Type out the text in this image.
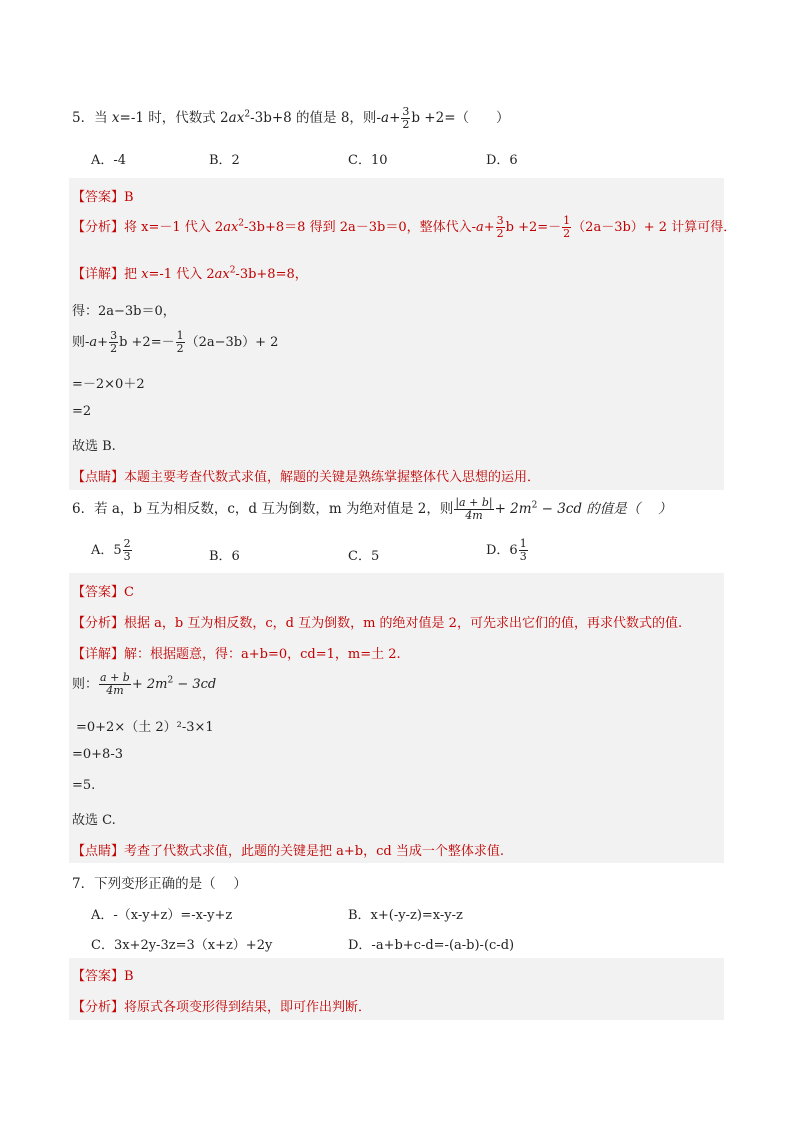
5．当 x=-1 时，代数式 $2ax^2-3b+8$ 的值是 8，则$-a+ \frac{3}{2}$ b +2=（　　）
A．-4	B．2	C．10	D．6
【答案】B
【分析】将 x=－1 代入 $2ax^2-3b+8=8$ 得到 2a－3b＝0，整体代入$-a+ \frac{3}{2}$ $b +2=- \frac{1}{2} (2a-3b)+ 2$ 计算可得．
【详解】把 x=-1 代入 $2ax^2-3b+8=8$，
得：2a−3b＝0，
则$-a+ \frac{3}{2}$ $b +2=- \frac{1}{2} (2a-3b)+ 2$
=－2×0＋2
=2
故选 B.
【点睛】本题主要考查代数式求值，解题的关键是熟练掌握整体代入思想的运用．
6．若 a，b 互为相反数，c，d 互为倒数，m 为绝对值是 2，则 $\frac{|a + b|}{4m} + 2m^2 - 3cd$ 的值是（　 ）
A．$5 \frac{2}{3}$	B．6	C．5	D．$6 \frac{1}{3}$
【答案】C
【分析】根据 a，b 互为相反数，c，d 互为倒数，m 的绝对值是 2，可先求出它们的值，再求代数式的值.
【详解】解：根据题意，得：a+b=0，cd=1，m=土 2.
则： $\frac{a + b}{4m} + 2m^2 - 3cd$
=0+2×（土 2）²-3×1
=0+8-3
=5.
故选 C.
【点睛】考查了代数式求值，此题的关键是把 a+b，cd 当成一个整体求值.
7．下列变形正确的是（　 ）
A．-（x-y+z）=-x-y+z	B．x+(-y-z)=x-y-z
C．3x+2y-3z=3（x+z）+2y	D．-a+b+c-d=-(a-b)-(c-d)
【答案】B
【分析】将原式各项变形得到结果，即可作出判断．
